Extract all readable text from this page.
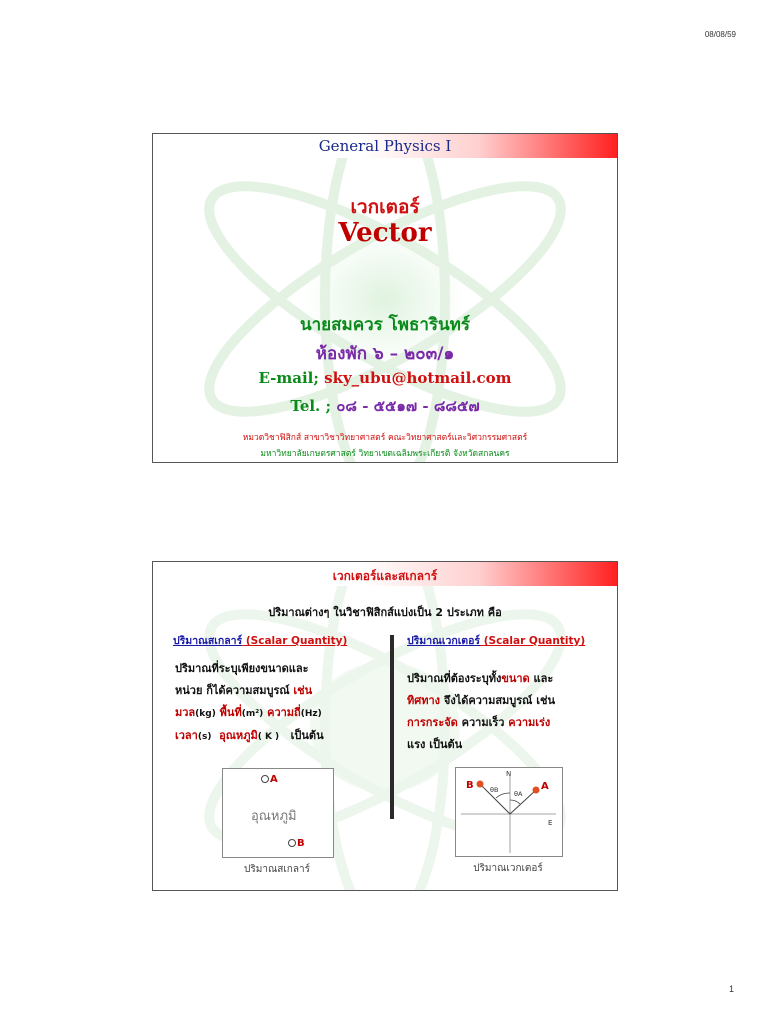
08/08/59
General Physics I
เวกเตอร์
Vector
นายสมควร โพธารินทร์
ห้องพัก ๖ – ๒๐๓/๑
E-mail; sky_ubu@hotmail.com
Tel. ; ๐๘ - ๕๕๑๗ - ๘๘๕๗
หมวดวิชาฟิสิกส์ สาขาวิชาวิทยาศาสตร์ คณะวิทยาศาสตร์และวิศวกรรมศาสตร์
มหาวิทยาลัยเกษตรศาสตร์ วิทยาเขตเฉลิมพระเกียรติ จังหวัดสกลนคร
เวกเตอร์และสเกลาร์
ปริมาณต่างๆ ในวิชาฟิสิกส์แบ่งเป็น 2 ประเภท คือ
ปริมาณสเกลาร์ (Scalar Quantity)	ปริมาณเวกเตอร์ (Scalar Quantity)
ปริมาณที่ระบุเพียงขนาดและ
หน่วย ก็ได้ความสมบูรณ์ เช่น
มวล(kg) พื้นที่(m²) ความถี่(Hz)
เวลา(s) อุณหภูมิ( K ) เป็นต้น
ปริมาณที่ต้องระบุทั้งขนาด และ
ทิศทาง จึงได้ความสมบูรณ์ เช่น
การกระจัด ความเร็ว ความเร่ง
แรง เป็นต้น
A
อุณหภูมิ
B
ปริมาณสเกลาร์
B	A
N
E
θB θA
ปริมาณเวกเตอร์
1
